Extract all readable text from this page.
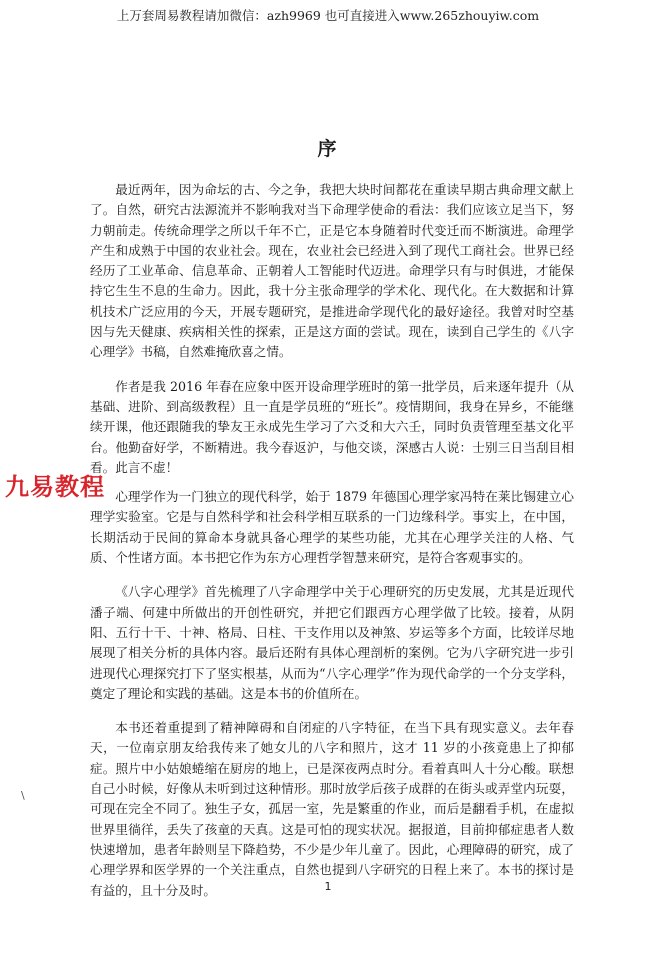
上万套周易教程请加微信：azh9969 也可直接进入www.265zhouyiw.com
序

最近两年，因为命坛的古、今之争，我把大块时间都花在重读早期古典命理文献上了。自然，研究古法源流并不影响我对当下命理学使命的看法：我们应该立足当下，努力朝前走。传统命理学之所以千年不亡，正是它本身随着时代变迁而不断演进。命理学产生和成熟于中国的农业社会。现在，农业社会已经进入到了现代工商社会。世界已经经历了工业革命、信息革命、正朝着人工智能时代迈进。命理学只有与时俱进，才能保持它生生不息的生命力。因此，我十分主张命理学的学术化、现代化。在大数据和计算机技术广泛应用的今天，开展专题研究，是推进命学现代化的最好途径。我曾对时空基因与先天健康、疾病相关性的探索，正是这方面的尝试。现在，读到自己学生的《八字心理学》书稿，自然难掩欣喜之情。

作者是我 2016 年春在应象中医开设命理学班时的第一批学员，后来逐年提升（从基础、进阶、到高级教程）且一直是学员班的“班长”。疫情期间，我身在异乡，不能继续开课，他还跟随我的挚友王永成先生学习了六爻和大六壬，同时负责管理至基文化平台。他勤奋好学，不断精进。我今春返沪，与他交谈，深感古人说：士别三日当刮目相看。此言不虚！

心理学作为一门独立的现代科学，始于 1879 年德国心理学家冯特在莱比锡建立心理学实验室。它是与自然科学和社会科学相互联系的一门边缘科学。事实上，在中国，长期活动于民间的算命本身就具备心理学的某些功能，尤其在心理学关注的人格、气质、个性诸方面。本书把它作为东方心理哲学智慧来研究，是符合客观事实的。

《八字心理学》首先梳理了八字命理学中关于心理研究的历史发展，尤其是近现代潘子端、何建中所做出的开创性研究，并把它们跟西方心理学做了比较。接着，从阴阳、五行十干、十神、格局、日柱、干支作用以及神煞、岁运等多个方面，比较详尽地展现了相关分析的具体内容。最后还附有具体心理剖析的案例。它为八字研究进一步引进现代心理探究打下了坚实根基，从而为“八字心理学”作为现代命学的一个分支学科，奠定了理论和实践的基础。这是本书的价值所在。

本书还着重提到了精神障碍和自闭症的八字特征，在当下具有现实意义。去年春天，一位南京朋友给我传来了她女儿的八字和照片，这才 11 岁的小孩竟患上了抑郁症。照片中小姑娘蜷缩在厨房的地上，已是深夜两点时分。看着真叫人十分心酸。联想自己小时候，好像从未听到过这种情形。那时放学后孩子成群的在街头或弄堂内玩耍，可现在完全不同了。独生子女，孤居一室，先是繁重的作业，而后是翻看手机，在虚拟世界里徜徉，丢失了孩童的天真。这是可怕的现实状况。据报道，目前抑郁症患者人数快速增加，患者年龄则呈下降趋势，不少是少年儿童了。因此，心理障碍的研究，成了心理学界和医学界的一个关注重点，自然也提到八字研究的日程上来了。本书的探讨是有益的，且十分及时。

九易教程
\
1
